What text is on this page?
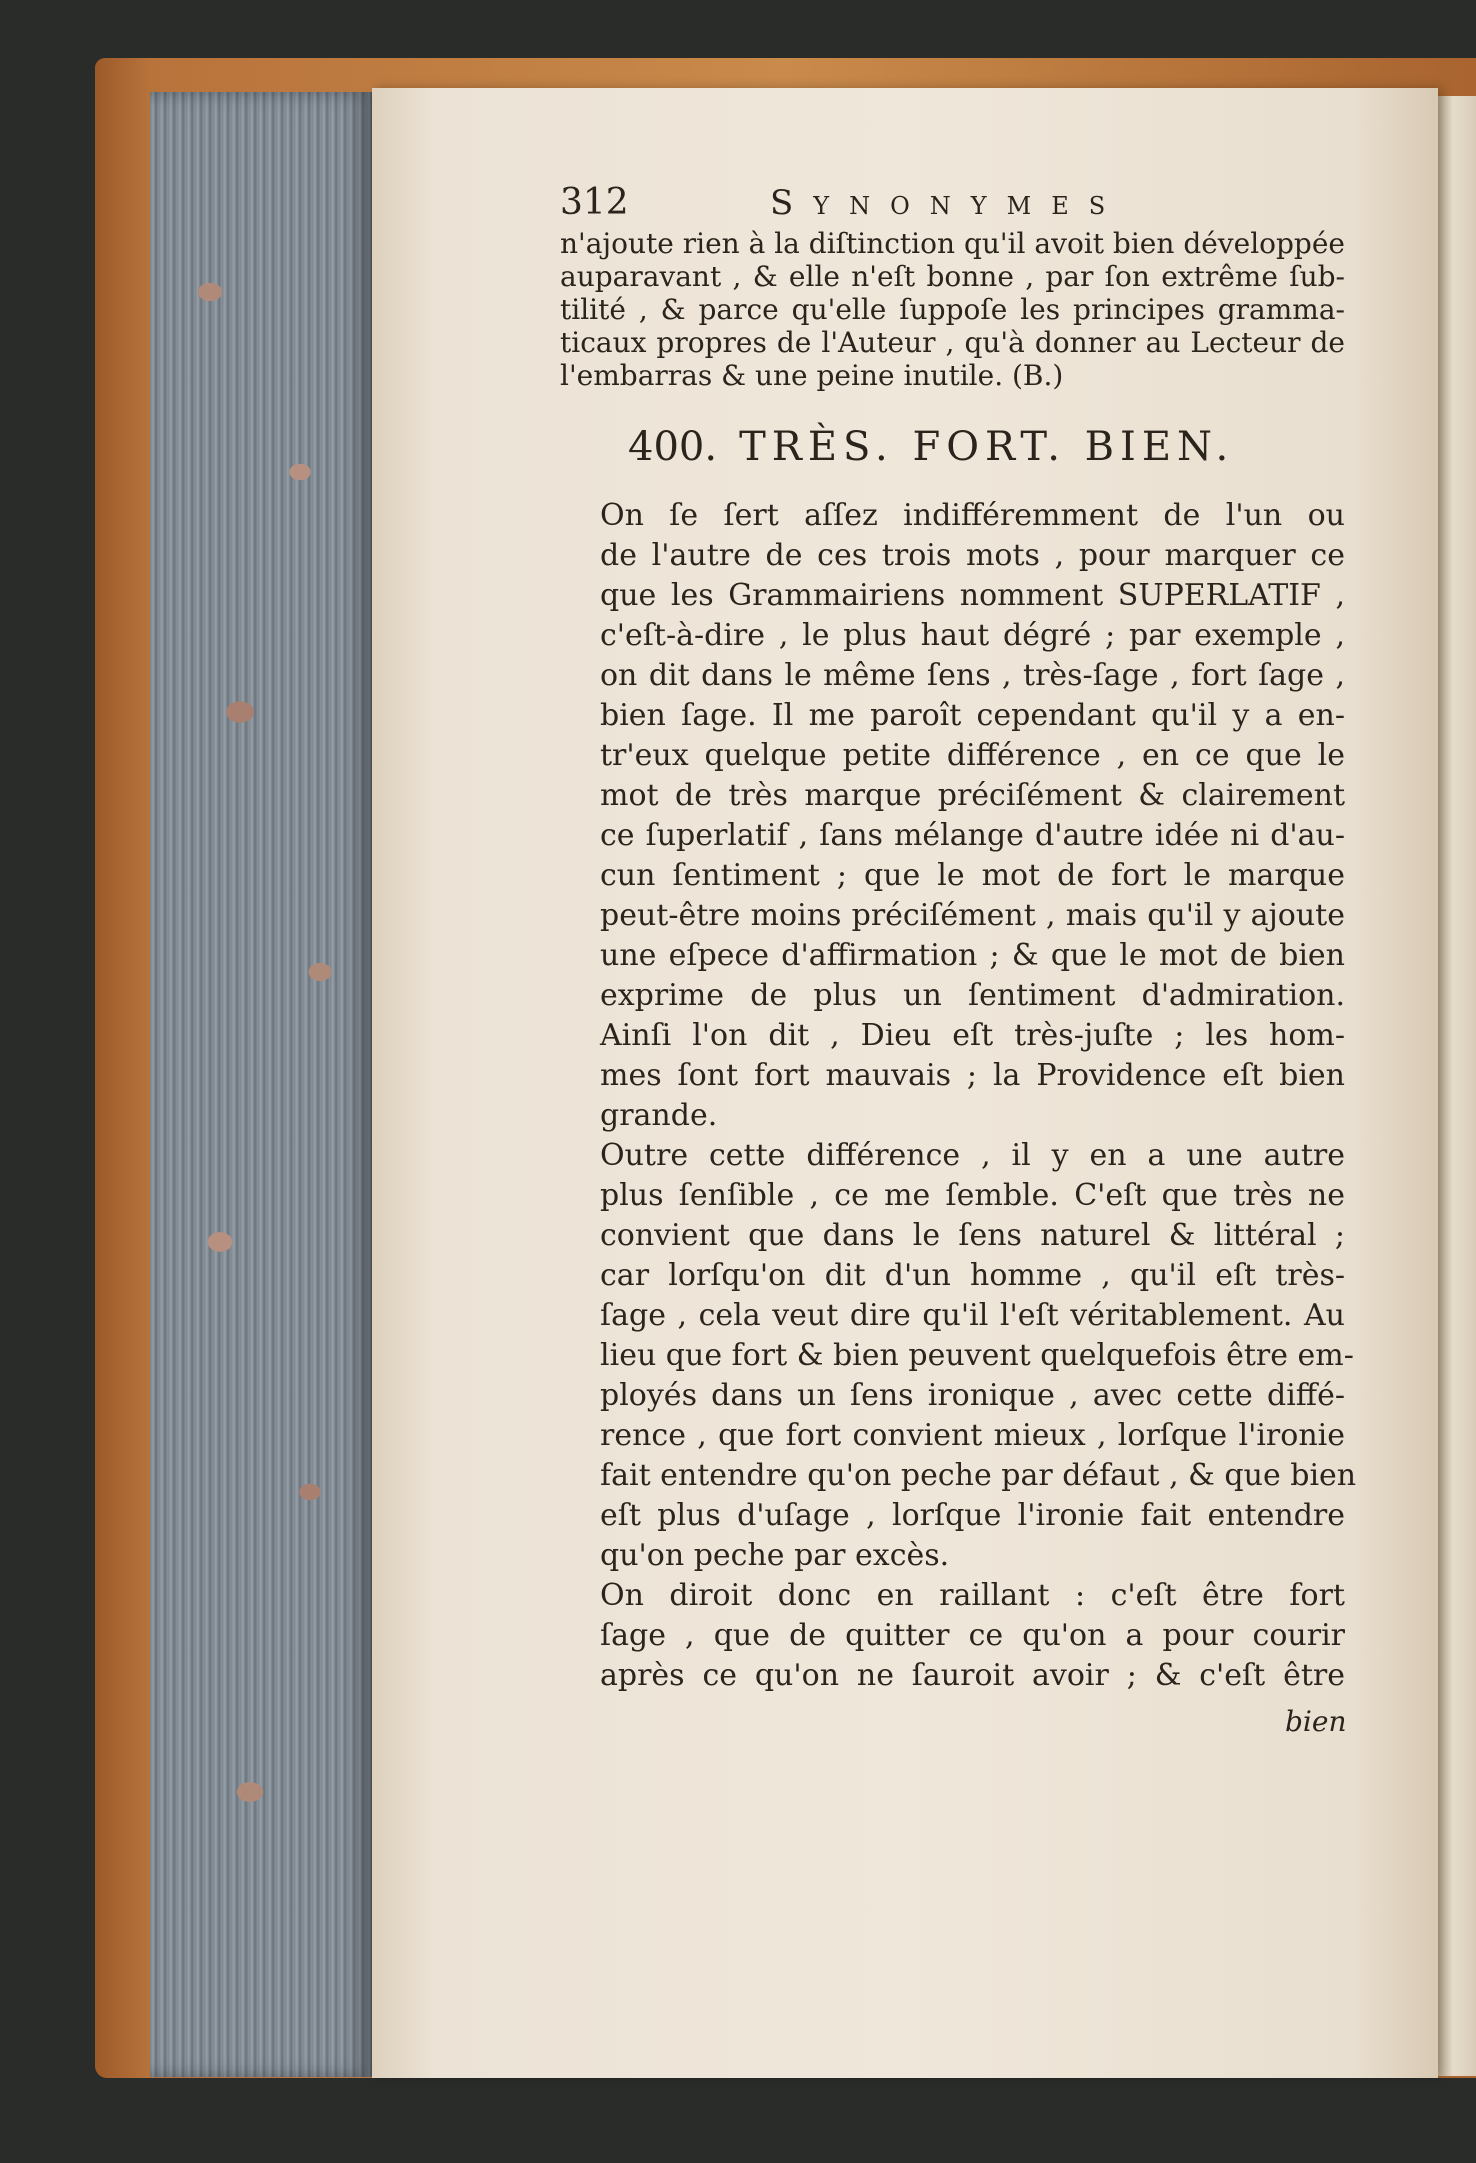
312	Synonymes

n'ajoute rien à la diſtinction qu'il avoit bien développée
auparavant , & elle n'eſt bonne , par ſon extrême ſub-
tilité , & parce qu'elle ſuppoſe les principes gramma-
ticaux propres de l'Auteur , qu'à donner au Lecteur de
l'embarras & une peine inutile. (B.)

400. TRÈS. FORT. BIEN.

On ſe ſert aſſez indifféremment de l'un ou
de l'autre de ces trois mots , pour marquer ce
que les Grammairiens nomment SUPERLATIF ,
c'eſt-à-dire , le plus haut dégré ; par exemple ,
on dit dans le même ſens , très-ſage , fort ſage ,
bien ſage. Il me paroît cependant qu'il y a en-
tr'eux quelque petite différence , en ce que le
mot de très marque préciſément & clairement
ce ſuperlatif , ſans mélange d'autre idée ni d'au-
cun ſentiment ; que le mot de fort le marque
peut-être moins préciſément , mais qu'il y ajoute
une eſpece d'affirmation ; & que le mot de bien
exprime de plus un ſentiment d'admiration.
Ainſi l'on dit , Dieu eſt très-juſte ; les hom-
mes ſont fort mauvais ; la Providence eſt bien
grande.

Outre cette différence , il y en a une autre
plus ſenſible , ce me ſemble. C'eſt que très ne
convient que dans le ſens naturel & littéral ;
car lorſqu'on dit d'un homme , qu'il eſt très-
ſage , cela veut dire qu'il l'eſt véritablement. Au
lieu que fort & bien peuvent quelquefois être em-
ployés dans un ſens ironique , avec cette diffé-
rence , que fort convient mieux , lorſque l'ironie
fait entendre qu'on peche par défaut , & que bien
eſt plus d'uſage , lorſque l'ironie fait entendre
qu'on peche par excès.

On diroit donc en raillant : c'eſt être fort
ſage , que de quitter ce qu'on a pour courir
après ce qu'on ne ſauroit avoir ; & c'eſt être

bien
